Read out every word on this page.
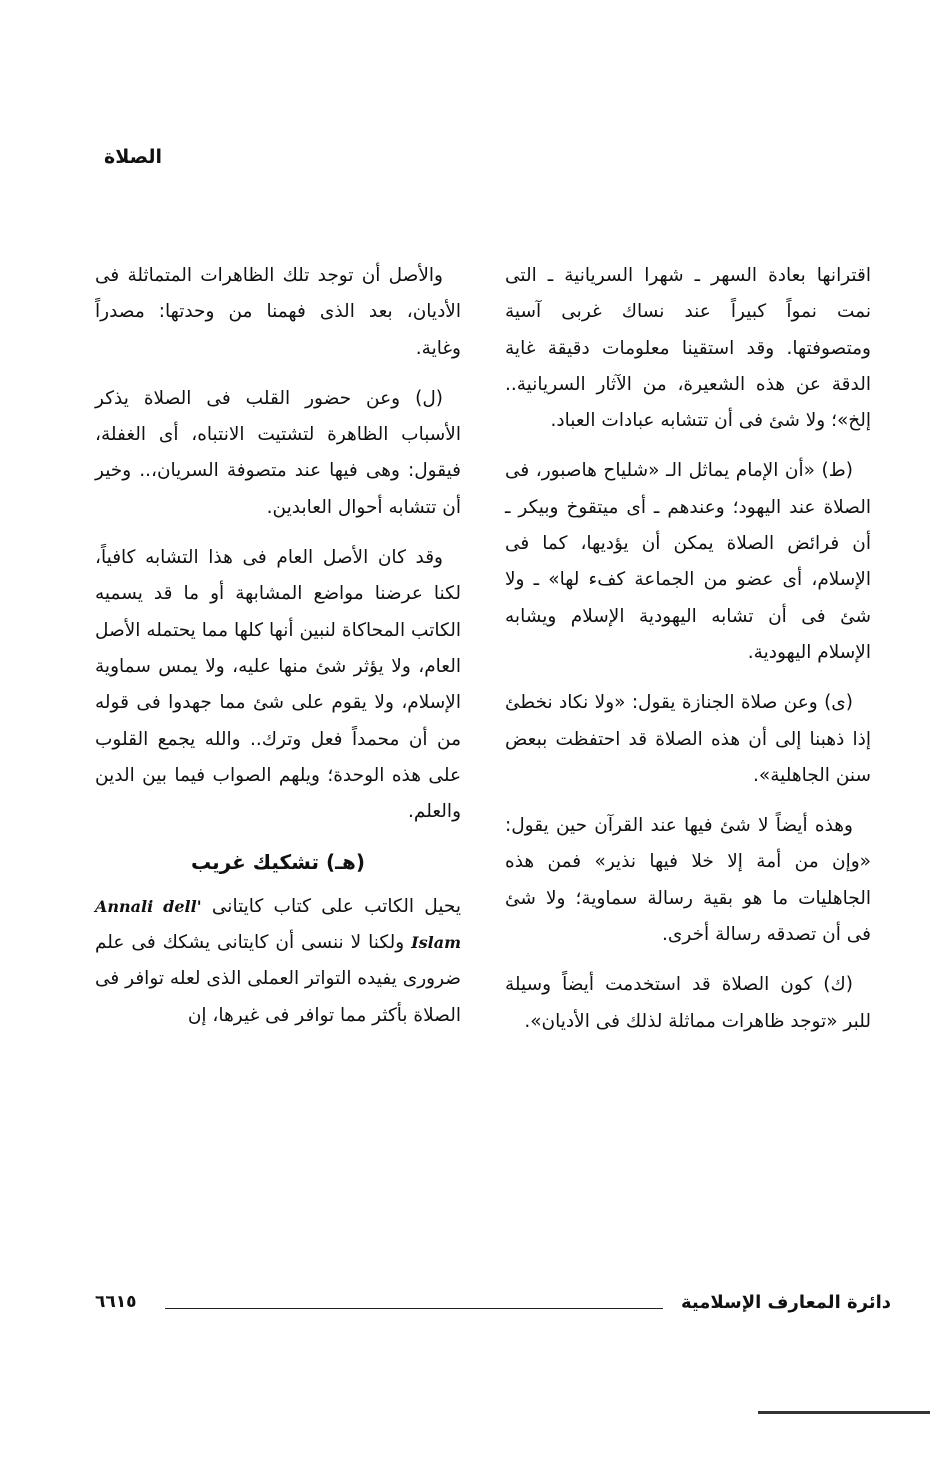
الصلاة

اقترانها بعادة السهر ـ شهرا السريانية ـ التى نمت نمواً كبيراً عند نساك غربى آسية ومتصوفتها. وقد استقينا معلومات دقيقة غاية الدقة عن هذه الشعيرة، من الآثار السريانية.. إلخ»؛ ولا شئ فى أن تتشابه عبادات العباد.

(ط) «أن الإمام يماثل الـ «شلياح هاصبور، فى الصلاة عند اليهود؛ وعندهم ـ أى ميتقوخ وبيكر ـ أن فرائض الصلاة يمكن أن يؤديها، كما فى الإسلام، أى عضو من الجماعة كفء لها» ـ ولا شئ فى أن تشابه اليهودية الإسلام ويشابه الإسلام اليهودية.

(ى) وعن صلاة الجنازة يقول: «ولا نكاد نخطئ إذا ذهبنا إلى أن هذه الصلاة قد احتفظت ببعض سنن الجاهلية».

وهذه أيضاً لا شئ فيها عند القرآن حين يقول: «وإن من أمة إلا خلا فيها نذير» فمن هذه الجاهليات ما هو بقية رسالة سماوية؛ ولا شئ فى أن تصدقه رسالة أخرى.

(ك) كون الصلاة قد استخدمت أيضاً وسيلة للبر «توجد ظاهرات مماثلة لذلك فى الأديان».

والأصل أن توجد تلك الظاهرات المتماثلة فى الأديان، بعد الذى فهمنا من وحدتها: مصدراً وغاية.

(ل) وعن حضور القلب فى الصلاة يذكر الأسباب الظاهرة لتشتيت الانتباه، أى الغفلة، فيقول: وهى فيها عند متصوفة السريان،.. وخير أن تتشابه أحوال العابدين.

وقد كان الأصل العام فى هذا التشابه كافياً، لكنا عرضنا مواضع المشابهة أو ما قد يسميه الكاتب المحاكاة لنبين أنها كلها مما يحتمله الأصل العام، ولا يؤثر شئ منها عليه، ولا يمس سماوية الإسلام، ولا يقوم على شئ مما جهدوا فى قوله من أن محمداً فعل وترك.. والله يجمع القلوب على هذه الوحدة؛ ويلهم الصواب فيما بين الدين والعلم.

(هـ) تشكيك غريب

يحيل الكاتب على كتاب كايتانى Annali dell' Islam ولكنا لا ننسى أن كايتانى يشكك فى علم ضرورى يفيده التواتر العملى الذى لعله توافر فى الصلاة بأكثر مما توافر فى غيرها، إن

دائرة المعارف الإسلامية
٦٦١٥
